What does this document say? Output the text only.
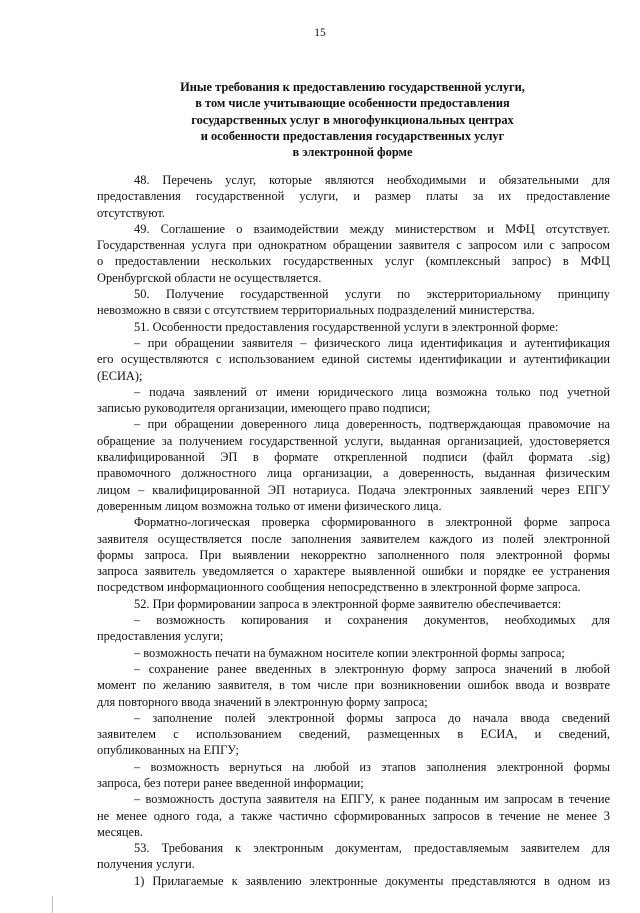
15
Иные требования к предоставлению государственной услуги,
в том числе учитывающие особенности предоставления
государственных услуг в многофункциональных центрах
и особенности предоставления государственных услуг
в электронной форме
48. Перечень услуг, которые являются необходимыми и обязательными для
предоставления государственной услуги, и размер платы за их предоставление
отсутствуют.
49. Соглашение о взаимодействии между министерством и МФЦ отсутствует.
Государственная услуга при однократном обращении заявителя с запросом или с запросом
о предоставлении нескольких государственных услуг (комплексный запрос) в МФЦ
Оренбургской области не осуществляется.
50. Получение государственной услуги по экстерриториальному принципу
невозможно в связи с отсутствием территориальных подразделений министерства.
51. Особенности предоставления государственной услуги в электронной форме:
– при обращении заявителя – физического лица идентификация и аутентификация
его осуществляются с использованием единой системы идентификации и аутентификации
(ЕСИА);
– подача заявлений от имени юридического лица возможна только под учетной
записью руководителя организации, имеющего право подписи;
– при обращении доверенного лица доверенность, подтверждающая правомочие на
обращение за получением государственной услуги, выданная организацией, удостоверяется
квалифицированной ЭП в формате открепленной подписи (файл формата .sig)
правомочного должностного лица организации, а доверенность, выданная физическим
лицом – квалифицированной ЭП нотариуса. Подача электронных заявлений через ЕПГУ
доверенным лицом возможна только от имени физического лица.
Форматно-логическая проверка сформированного в электронной форме запроса
заявителя осуществляется после заполнения заявителем каждого из полей электронной
формы запроса. При выявлении некорректно заполненного поля электронной формы
запроса заявитель уведомляется о характере выявленной ошибки и порядке ее устранения
посредством информационного сообщения непосредственно в электронной форме запроса.
52. При формировании запроса в электронной форме заявителю обеспечивается:
– возможность копирования и сохранения документов, необходимых для
предоставления услуги;
– возможность печати на бумажном носителе копии электронной формы запроса;
– сохранение ранее введенных в электронную форму запроса значений в любой
момент по желанию заявителя, в том числе при возникновении ошибок ввода и возврате
для повторного ввода значений в электронную форму запроса;
– заполнение полей электронной формы запроса до начала ввода сведений
заявителем с использованием сведений, размещенных в ЕСИА, и сведений,
опубликованных на ЕПГУ;
– возможность вернуться на любой из этапов заполнения электронной формы
запроса, без потери ранее введенной информации;
– возможность доступа заявителя на ЕПГУ, к ранее поданным им запросам в течение
не менее одного года, а также частично сформированных запросов в течение не менее 3
месяцев.
53. Требования к электронным документам, предоставляемым заявителем для
получения услуги.
1) Прилагаемые к заявлению электронные документы представляются в одном из
